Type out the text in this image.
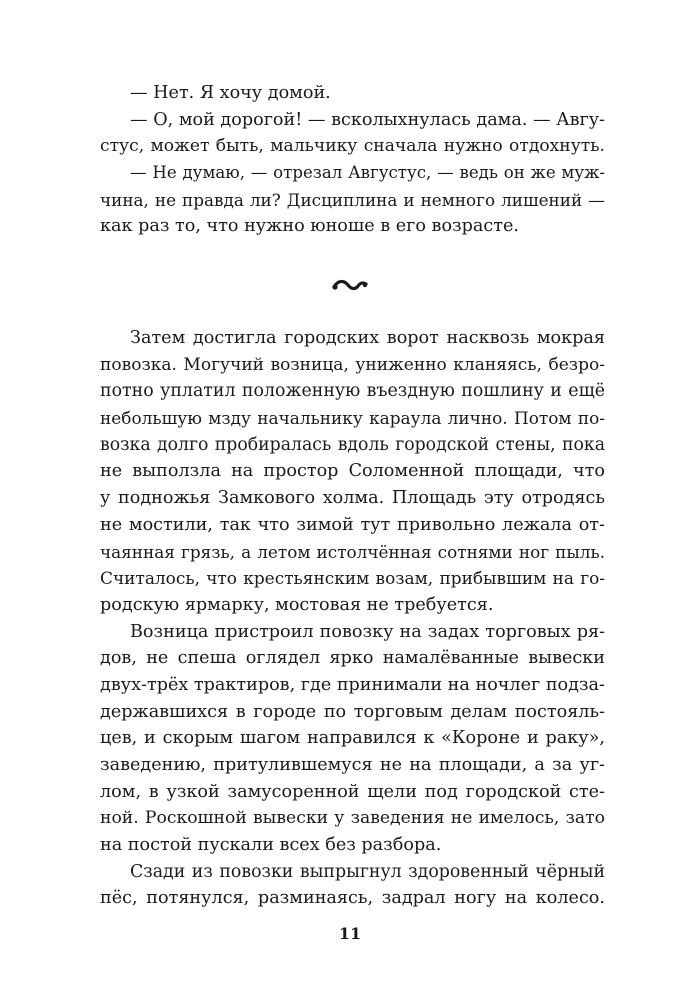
— Нет. Я хочу домой.
— О, мой дорогой! — всколыхнулась дама. — Авгу-
стус, может быть, мальчику сначала нужно отдохнуть.
— Не думаю, — отрезал Августус, — ведь он же муж-
чина, не правда ли? Дисциплина и немного лишений —
как раз то, что нужно юноше в его возрасте.
Затем достигла городских ворот насквозь мокрая
повозка. Могучий возница, униженно кланяясь, безро-
потно уплатил положенную въездную пошлину и ещё
небольшую мзду начальнику караула лично. Потом по-
возка долго пробиралась вдоль городской стены, пока
не выползла на простор Соломенной площади, что
у подножья Замкового холма. Площадь эту отродясь
не мостили, так что зимой тут привольно лежала от-
чаянная грязь, а летом истолчённая сотнями ног пыль.
Считалось, что крестьянским возам, прибывшим на го-
родскую ярмарку, мостовая не требуется.
Возница пристроил повозку на задах торговых ря-
дов, не спеша оглядел ярко намалёванные вывески
двух-трёх трактиров, где принимали на ночлег подза-
державшихся в городе по торговым делам постояль-
цев, и скорым шагом направился к «Короне и раку»,
заведению, притулившемуся не на площади, а за уг-
лом, в узкой замусоренной щели под городской сте-
ной. Роскошной вывески у заведения не имелось, зато
на постой пускали всех без разбора.
Сзади из повозки выпрыгнул здоровенный чёрный
пёс, потянулся, разминаясь, задрал ногу на колесо.
11
